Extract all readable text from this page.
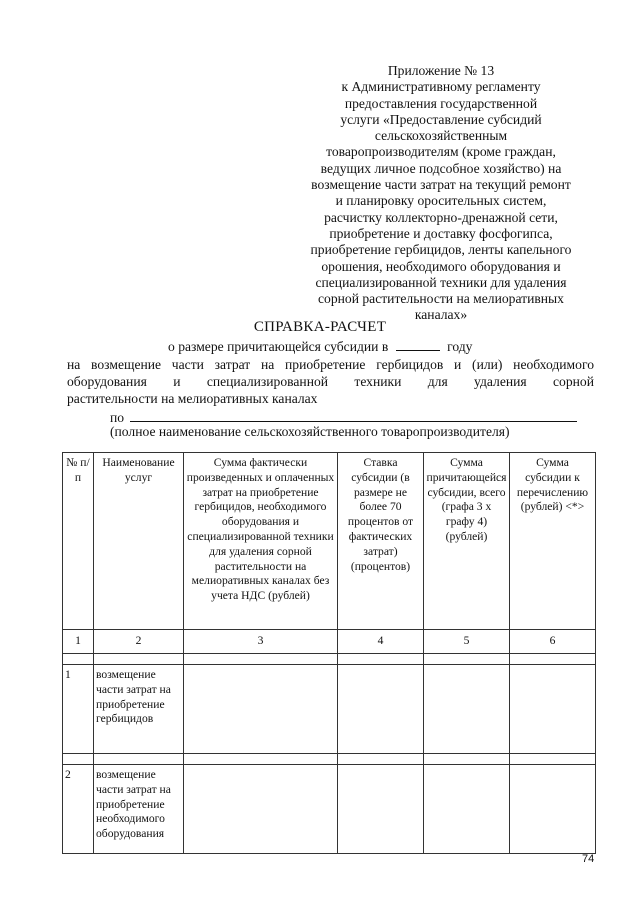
Приложение № 13
к Административному регламенту
предоставления государственной
услуги «Предоставление субсидий
сельскохозяйственным
товаропроизводителям (кроме граждан,
ведущих личное подсобное хозяйство) на
возмещение части затрат на текущий ремонт
и планировку оросительных систем,
расчистку коллекторно-дренажной сети,
приобретение и доставку фосфогипса,
приобретение гербицидов, ленты капельного
орошения, необходимого оборудования и
специализированной техники для удаления
сорной растительности на мелиоративных
каналах»
СПРАВКА-РАСЧЕТ
о размере причитающейся субсидии в	году
на возмещение части затрат на приобретение гербицидов и (или) необходимого
оборудования и специализированной техники для удаления сорной
растительности на мелиоративных каналах
по
(полное наименование сельскохозяйственного товаропроизводителя)
№ п/п	Наименование услуг	Сумма фактически произведенных и оплаченных затрат на приобретение гербицидов, необходимого оборудования и специализированной техники для удаления сорной растительности на мелиоративных каналах без учета НДС (рублей)	Ставка субсидии (в размере не более 70 процентов от фактических затрат) (процентов)	Сумма причитающейся субсидии, всего (графа 3 x графу 4) (рублей)	Сумма субсидии к перечислению (рублей) <*>
1	2	3	4	5	6

1	возмещение части затрат на приобретение гербицидов				

2	возмещение части затрат на приобретение необходимого оборудования				
74
